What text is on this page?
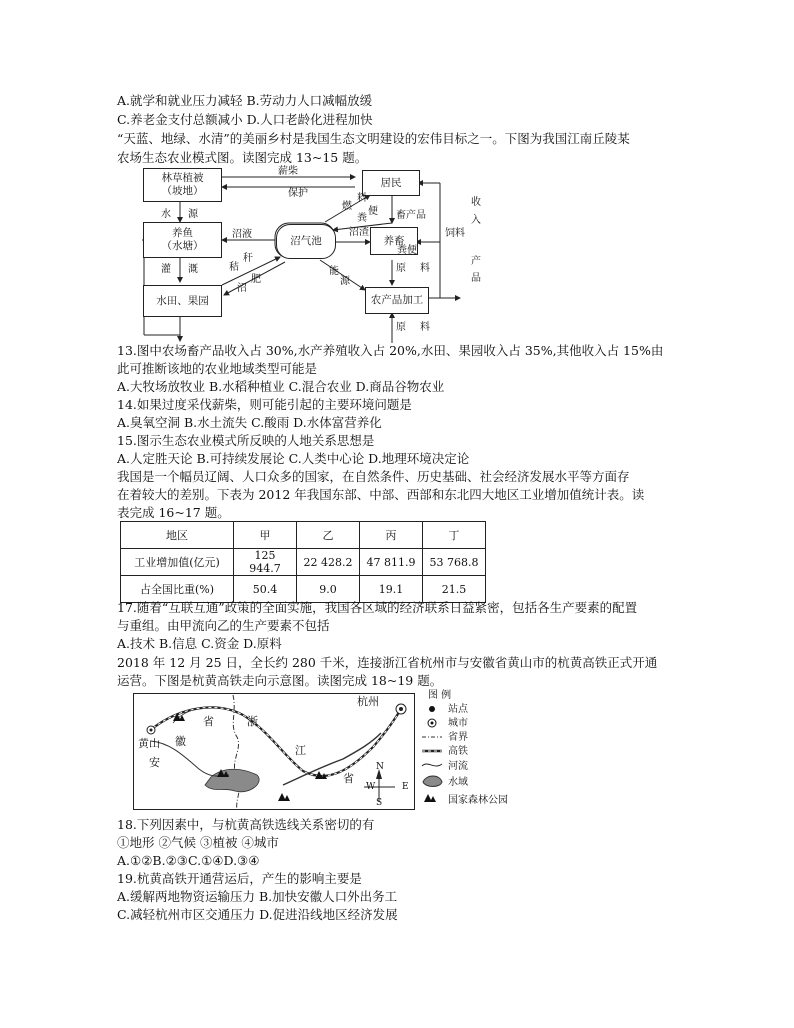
A.就学和就业压力减轻 B.劳动力人口减幅放缓
C.养老金支付总额减小 D.人口老龄化进程加快
“天蓝、地绿、水清”的美丽乡村是我国生态文明建设的宏伟目标之一。下图为我国江南丘陵某
农场生态农业模式图。读图完成 13~15 题。
林草植被
（坡地）
居民
养鱼
（水塘）	沼气池	养畜
水田、果园	农产品加工
薪柴
保护
水 源
燃
料
粪
便 畜产品
沼液	沼渣	饲料
灌 溉	秸
秆
沼
肥
能
源
原 料
原 料
粪便
收
入
产
品
13.图中农场畜产品收入占 30%,水产养殖收入占 20%,水田、果园收入占 35%,其他收入占 15%由
此可推断该地的农业地域类型可能是
A.大牧场放牧业 B.水稻种植业 C.混合农业 D.商品谷物农业
14.如果过度采伐薪柴，则可能引起的主要环境问题是
A.臭氧空洞 B.水土流失 C.酸雨 D.水体富营养化
15.图示生态农业模式所反映的人地关系思想是
A.人定胜天论 B.可持续发展论 C.人类中心论 D.地理环境决定论
我国是一个幅员辽阔、人口众多的国家，在自然条件、历史基础、社会经济发展水平等方面存
在着较大的差别。下表为 2012 年我国东部、中部、西部和东北四大地区工业增加值统计表。读
表完成 16~17 题。
地区	甲	乙	丙	丁
工业增加值(亿元)	125 944.7	22 428.2	47 811.9	53 768.8
占全国比重(%)	50.4	9.0	19.1	21.5
17.随着“互联互通”政策的全面实施，我国各区域的经济联系日益紧密，包括各生产要素的配置
与重组。由甲流向乙的生产要素不包括
A.技术 B.信息 C.资金 D.原料
2018 年 12 月 25 日，全长约 280 千米，连接浙江省杭州市与安徽省黄山市的杭黄高铁正式开通
运营。下图是杭黄高铁走向示意图。读图完成 18~19 题。
杭州
黄山
省	浙
徽
安
江
省
N
S
W	E
图 例
站点
城市
省界
高铁
河流
水域
国家森林公园
18.下列因素中，与杭黄高铁选线关系密切的有
①地形 ②气候 ③植被 ④城市
A.①②B.②③C.①④D.③④
19.杭黄高铁开通营运后，产生的影响主要是
A.缓解两地物资运输压力 B.加快安徽人口外出务工
C.减轻杭州市区交通压力 D.促进沿线地区经济发展
